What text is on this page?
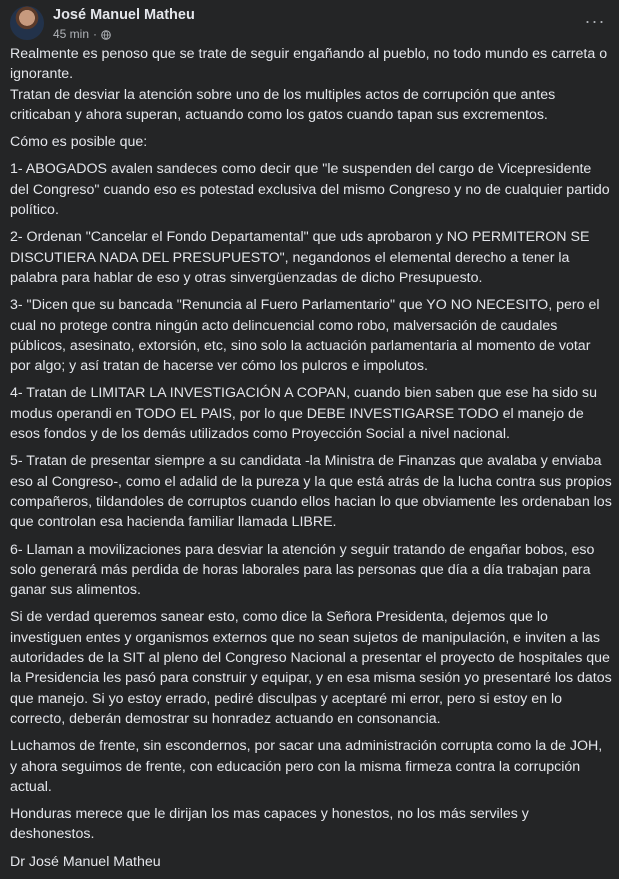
José Manuel Matheu
45 min ·
···

Realmente es penoso que se trate de seguir engañando al pueblo, no todo mundo es carreta o ignorante.
Tratan de desviar la atención sobre uno de los multiples actos de corrupción que antes criticaban y ahora superan, actuando como los gatos cuando tapan sus excrementos.

Cómo es posible que:

1- ABOGADOS avalen sandeces como decir que "le suspenden del cargo de Vicepresidente del Congreso" cuando eso es potestad exclusiva del mismo Congreso y no de cualquier partido político.

2- Ordenan "Cancelar el Fondo Departamental" que uds aprobaron y NO PERMITERON SE DISCUTIERA NADA DEL PRESUPUESTO", negandonos el elemental derecho a tener la palabra para hablar de eso y otras sinvergüenzadas de dicho Presupuesto.

3- "Dicen que su bancada "Renuncia al Fuero Parlamentario" que YO NO NECESITO, pero el cual no protege contra ningún acto delincuencial como robo, malversación de caudales públicos, asesinato, extorsión, etc, sino solo la actuación parlamentaria al momento de votar por algo; y así tratan de hacerse ver cómo los pulcros e impolutos.

4- Tratan de LIMITAR LA INVESTIGACIÓN A COPAN, cuando bien saben que ese ha sido su modus operandi en TODO EL PAIS, por lo que DEBE INVESTIGARSE TODO el manejo de esos fondos y de los demás utilizados como Proyección Social a nivel nacional.

5- Tratan de presentar siempre a su candidata -la Ministra de Finanzas que avalaba y enviaba eso al Congreso-, como el adalid de la pureza y la que está atrás de la lucha contra sus propios compañeros, tildandoles de corruptos cuando ellos hacian lo que obviamente les ordenaban los que controlan esa hacienda familiar llamada LIBRE.

6- Llaman a movilizaciones para desviar la atención y seguir tratando de engañar bobos, eso solo generará más perdida de horas laborales para las personas que día a día trabajan para ganar sus alimentos.

Si de verdad queremos sanear esto, como dice la Señora Presidenta, dejemos que lo investiguen entes y organismos externos que no sean sujetos de manipulación, e inviten a las autoridades de la SIT al pleno del Congreso Nacional a presentar el proyecto de hospitales que la Presidencia les pasó para construir y equipar, y en esa misma sesión yo presentaré los datos que manejo. Si yo estoy errado, pediré disculpas y aceptaré mi error, pero si estoy en lo correcto, deberán demostrar su honradez actuando en consonancia.

Luchamos de frente, sin escondernos, por sacar una administración corrupta como la de JOH, y ahora seguimos de frente, con educación pero con la misma firmeza contra la corrupción actual.

Honduras merece que le dirijan los mas capaces y honestos, no los más serviles y deshonestos.

Dr José Manuel Matheu
